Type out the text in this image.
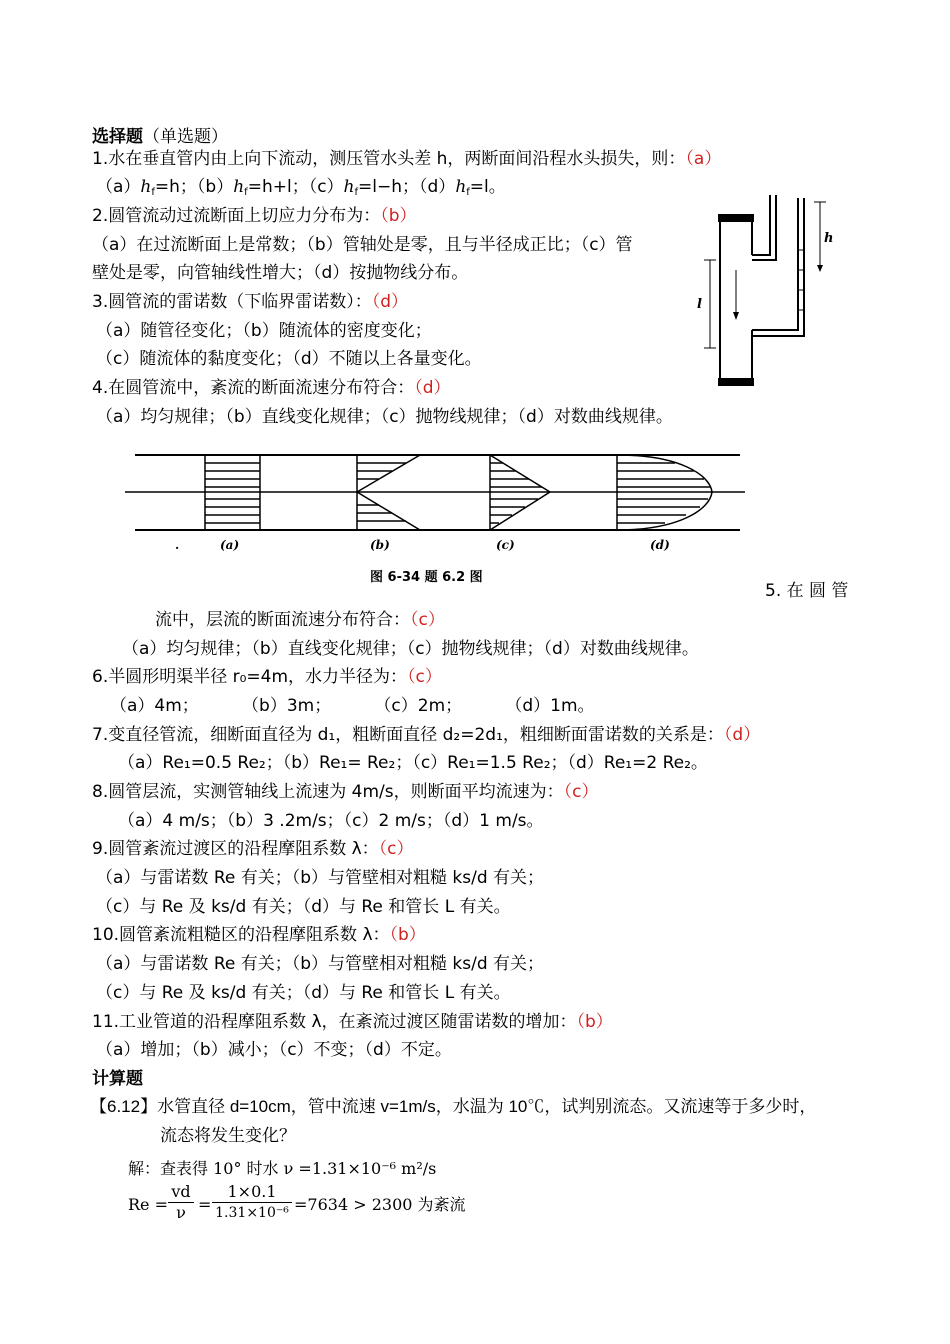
选择题（单选题）
1.水在垂直管内由上向下流动，测压管水头差 h，两断面间沿程水头损失，则：（a）
$(a)h_f=h$；$(b)h_f=h+l$；$(c)h_f=l-h$；$(d)h_f=l$。
2.圆管流动过流断面上切应力分布为：（b）
（a）在过流断面上是常数；（b）管轴处是零，且与半径成正比；（c）管
壁处是零，向管轴线性增大；（d）按抛物线分布。
3.圆管流的雷诺数（下临界雷诺数）：（d）
（a）随管径变化；（b）随流体的密度变化；
（c）随流体的黏度变化；（d）不随以上各量变化。
4.在圆管流中，紊流的断面流速分布符合：（d）
（a）均匀规律；（b）直线变化规律；（c）抛物线规律；（d）对数曲线规律。
h
l
.	(a)	(b)	(c)	(d)
图 6-34 题 6.2 图
5. 在 圆 管
流中，层流的断面流速分布符合：（c）
（a）均匀规律；（b）直线变化规律；（c）抛物线规律；（d）对数曲线规律。
6.半圆形明渠半径 r₀=4m，水力半径为：（c）
（a）4m；        （b）3m；        （c）2m；        （d）1m。
7.变直径管流，细断面直径为 d₁，粗断面直径 d₂=2d₁，粗细断面雷诺数的关系是：（d）
（a）Re₁=0.5 Re₂；（b）Re₁= Re₂；（c）Re₁=1.5 Re₂；（d）Re₁=2 Re₂。
8.圆管层流，实测管轴线上流速为 4m/s，则断面平均流速为：（c）
（a）4 m/s；（b）3 .2m/s；（c）2 m/s；（d）1 m/s。
9.圆管紊流过渡区的沿程摩阻系数 λ：（c）
（a）与雷诺数 Re 有关；（b）与管壁相对粗糙 ks/d 有关；
（c）与 Re 及 ks/d 有关；（d）与 Re 和管长 L 有关。
10.圆管紊流粗糙区的沿程摩阻系数 λ：（b）
（a）与雷诺数 Re 有关；（b）与管壁相对粗糙 ks/d 有关；
（c）与 Re 及 ks/d 有关；（d）与 Re 和管长 L 有关。
11.工业管道的沿程摩阻系数 λ，在紊流过渡区随雷诺数的增加：（b）
（a）增加；（b）减小；（c）不变；（d）不定。
计算题
【6.12】水管直径 d=10cm，管中流速 v=1m/s，水温为 10℃，试判别流态。又流速等于多少时，
流态将发生变化？
解：查表得 10° 时水 ν =1.31×10⁻⁶ m²/s
$Re = \frac{vd}{\nu} = \frac{1\times 0.1}{\text{1.31×10⁻⁶}} =7634 > 2300$ 为紊流
